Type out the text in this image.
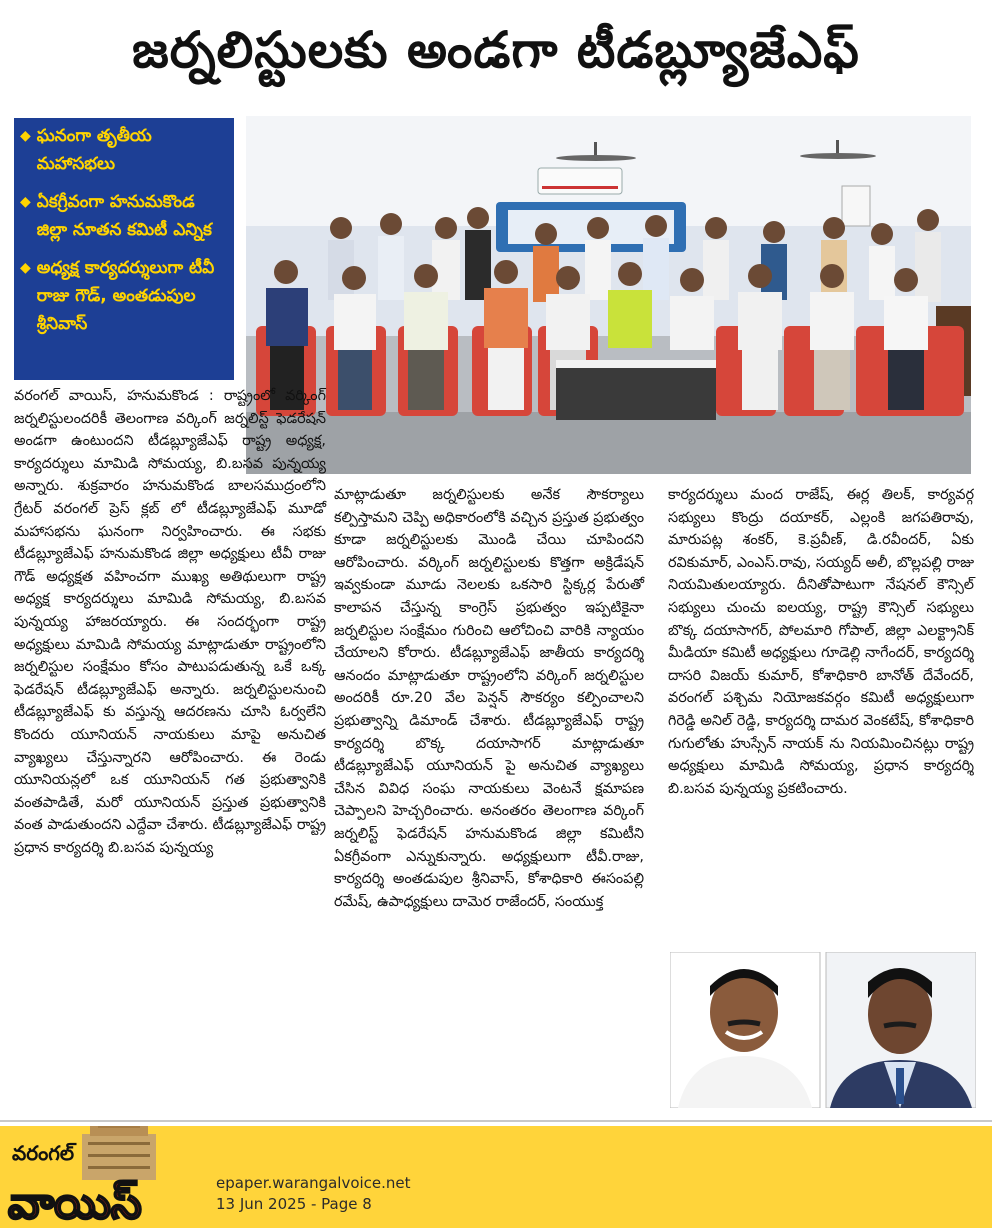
జర్నలిస్టులకు అండగా టీడబ్ల్యూజేఎఫ్
◆ ఘనంగా తృతీయ మహాసభలు
◆ ఏకగ్రీవంగా హనుమకొండ జిల్లా నూతన కమిటీ ఎన్నిక
◆ అధ్యక్ష కార్యదర్శులుగా టీవీ రాజు గౌడ్, అంతడుపుల శ్రీనివాస్
వరంగల్ వాయిస్, హనుమకొండ : రాష్ట్రంలో వర్కింగ్ జర్నలిస్టులందరికీ తెలంగాణ వర్కింగ్ జర్నలిస్ట్ ఫెడరేషన్ అండగా ఉంటుందని టీడబ్ల్యూజేఎఫ్ రాష్ట్ర అధ్యక్ష, కార్యదర్శులు మామిడి సోమయ్య, బి.బసవ పున్నయ్య అన్నారు. శుక్రవారం హనుమకొండ బాలసముద్రంలోని గ్రేటర్ వరంగల్ ప్రెస్ క్లబ్ లో టీడబ్ల్యూజేఎఫ్ మూడో మహాసభను ఘనంగా నిర్వహించారు. ఈ సభకు టీడబ్ల్యూజేఎఫ్ హనుమకొండ జిల్లా అధ్యక్షులు టీవీ రాజు గౌడ్ అధ్యక్షత వహించగా ముఖ్య అతిథులుగా రాష్ట్ర అధ్యక్ష కార్యదర్శులు మామిడి సోమయ్య, బి.బసవ పున్నయ్య హాజరయ్యారు. ఈ సందర్భంగా రాష్ట్ర అధ్యక్షులు మామిడి సోమయ్య మాట్లాడుతూ రాష్ట్రంలోని జర్నలిస్టుల సంక్షేమం కోసం పాటుపడుతున్న ఒకే ఒక్క ఫెడరేషన్ టీడబ్ల్యూజేఎఫ్ అన్నారు. జర్నలిస్టులనుంచి టీడబ్ల్యూజేఎఫ్ కు వస్తున్న ఆదరణను చూసి ఓర్వలేని కొందరు యూనియన్ నాయకులు మాపై అనుచిత వ్యాఖ్యలు చేస్తున్నారని ఆరోపించారు. ఈ రెండు యూనియన్లలో ఒక యూనియన్ గత ప్రభుత్వానికి వంతపాడితే, మరో యూనియన్ ప్రస్తుత ప్రభుత్వానికి వంత పాడుతుందని ఎద్దేవా చేశారు. టీడబ్ల్యూజేఎఫ్ రాష్ట్ర ప్రధాన కార్యదర్శి బి.బసవ పున్నయ్య
మాట్లాడుతూ జర్నలిస్టులకు అనేక సౌకర్యాలు కల్పిస్తామని చెప్పి అధికారంలోకి వచ్చిన ప్రస్తుత ప్రభుత్వం కూడా జర్నలిస్టులకు మొండి చేయి చూపిందని ఆరోపించారు. వర్కింగ్ జర్నలిస్టులకు కొత్తగా అక్రిడేషన్ ఇవ్వకుండా మూడు నెలలకు ఒకసారి స్టిక్కర్ల పేరుతో కాలాపన చేస్తున్న కాంగ్రెస్ ప్రభుత్వం ఇప్పటికైనా జర్నలిస్టుల సంక్షేమం గురించి ఆలోచించి వారికి న్యాయం చేయాలని కోరారు. టీడబ్ల్యూజేఎఫ్ జాతీయ కార్యదర్శి ఆనందం మాట్లాడుతూ రాష్ట్రంలోని వర్కింగ్ జర్నలిస్టుల అందరికీ రూ.20 వేల పెన్షన్ సౌకర్యం కల్పించాలని ప్రభుత్వాన్ని డిమాండ్ చేశారు. టీడబ్ల్యూజేఎఫ్ రాష్ట్ర కార్యదర్శి బొక్క దయాసాగర్ మాట్లాడుతూ టీడబ్ల్యూజేఎఫ్ యూనియన్ పై అనుచిత వ్యాఖ్యలు చేసిన వివిధ సంఘ నాయకులు వెంటనే క్షమాపణ చెప్పాలని హెచ్చరించారు. అనంతరం తెలంగాణ వర్కింగ్ జర్నలిస్ట్ ఫెడరేషన్ హనుమకొండ జిల్లా కమిటీని ఏకగ్రీవంగా ఎన్నుకున్నారు. అధ్యక్షులుగా టీవీ.రాజు, కార్యదర్శి అంతడుపుల శ్రీనివాస్, కోశాధికారి ఈసంపల్లి రమేష్, ఉపాధ్యక్షులు దామెర రాజేందర్, సంయుక్త
కార్యదర్శులు మంద రాజేష్, ఈర్ల తిలక్, కార్యవర్గ సభ్యులు కొంద్రు దయాకర్, ఎల్లంకి జగపతిరావు, మారుపట్ల శంకర్, కె.ప్రవీణ్, డి.రవీందర్, ఏకు రవికుమార్, ఎంఎస్.రావు, సయ్యద్ అలీ, బొల్లపల్లి రాజు నియమితులయ్యారు. దీనితోపాటుగా నేషనల్ కౌన్సిల్ సభ్యులు చుంచు ఐలయ్య, రాష్ట్ర కౌన్సిల్ సభ్యులు బొక్క దయాసాగర్, పోలమారి గోపాల్, జిల్లా ఎలక్ట్రానిక్ మీడియా కమిటీ అధ్యక్షులు గూడెల్లి నాగేందర్, కార్యదర్శి దాసరి విజయ్ కుమార్, కోశాధికారి బానోత్ దేవేందర్, వరంగల్ పశ్చిమ నియోజకవర్గం కమిటీ అధ్యక్షులుగా గిరెడ్డి అనిల్ రెడ్డి, కార్యదర్శి దామర వెంకటేష్, కోశాధికారి గుగులోతు హుస్సేన్ నాయక్ ను నియమించినట్లు రాష్ట్ర అధ్యక్షులు మామిడి సోమయ్య, ప్రధాన కార్యదర్శి బి.బసవ పున్నయ్య ప్రకటించారు.
వరంగల్
వాయిస్	epaper.warangalvoice.net
13 Jun 2025 - Page 8
